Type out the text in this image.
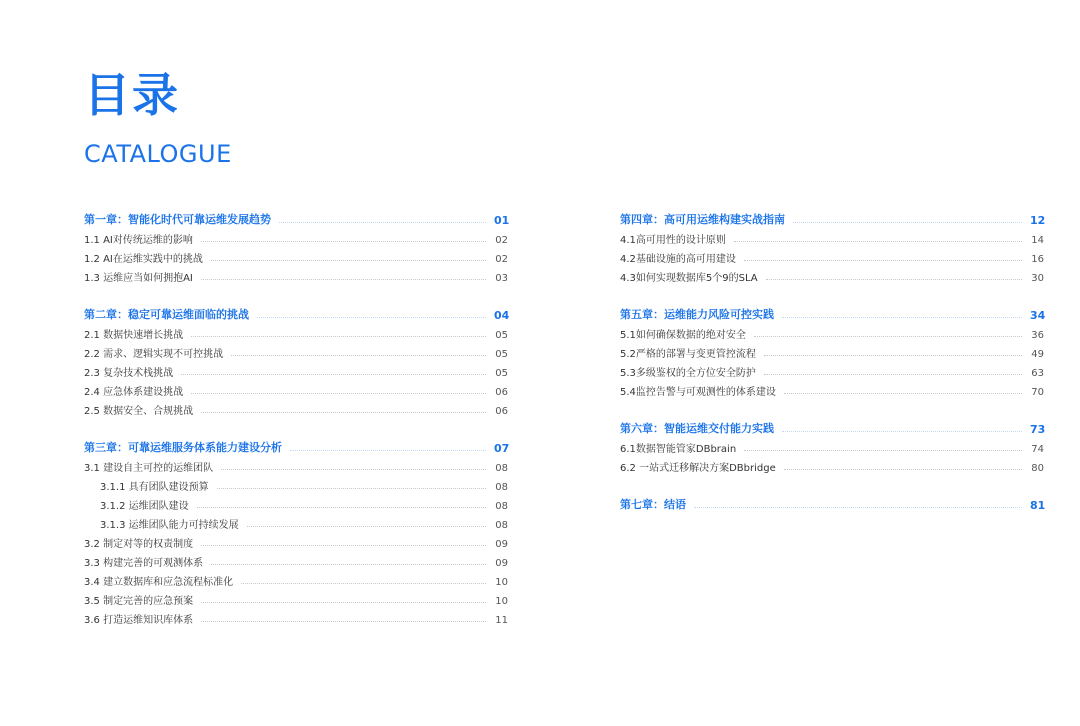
目录
CATALOGUE
第一章：智能化时代可靠运维发展趋势	01
1.1 AI对传统运维的影响	02
1.2 AI在运维实践中的挑战	02
1.3 运维应当如何拥抱AI	03
第二章：稳定可靠运维面临的挑战	04
2.1 数据快速增长挑战	05
2.2 需求、逻辑实现不可控挑战	05
2.3 复杂技术栈挑战	05
2.4 应急体系建设挑战	06
2.5 数据安全、合规挑战	06
第三章：可靠运维服务体系能力建设分析	07
3.1 建设自主可控的运维团队	08
3.1.1 具有团队建设预算	08
3.1.2 运维团队建设	08
3.1.3 运维团队能力可持续发展	08
3.2 制定对等的权责制度	09
3.3 构建完善的可观测体系	09
3.4 建立数据库和应急流程标准化	10
3.5 制定完善的应急预案	10
3.6 打造运维知识库体系	11
第四章：高可用运维构建实战指南	12
4.1高可用性的设计原则	14
4.2基础设施的高可用建设	16
4.3如何实现数据库5个9的SLA	30
第五章：运维能力风险可控实践	34
5.1如何确保数据的绝对安全	36
5.2严格的部署与变更管控流程	49
5.3多级鉴权的全方位安全防护	63
5.4监控告警与可观测性的体系建设	70
第六章：智能运维交付能力实践	73
6.1数据智能管家DBbrain	74
6.2 一站式迁移解决方案DBbridge	80
第七章：结语	81
